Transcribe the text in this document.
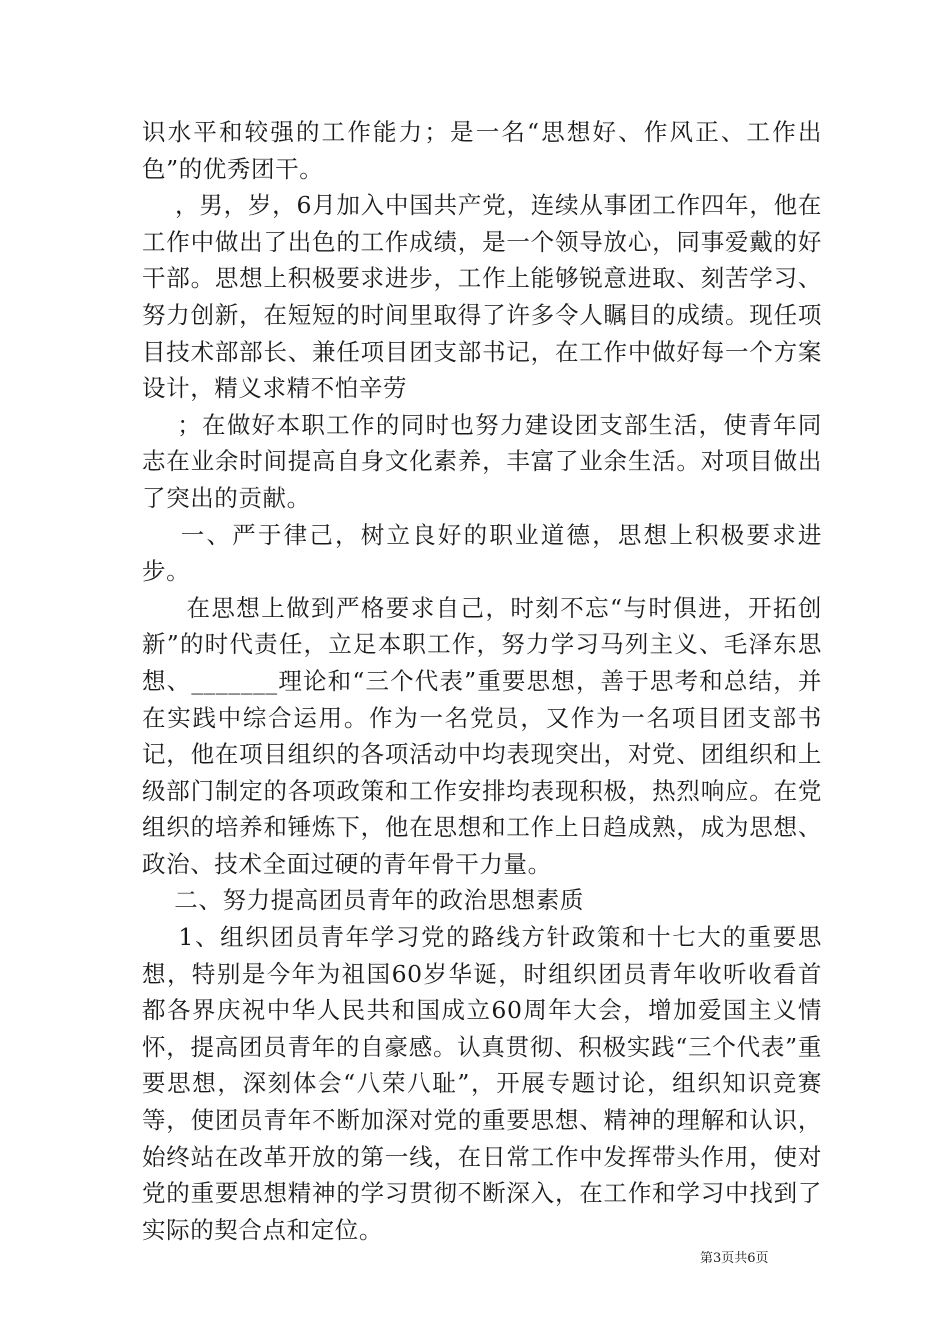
识水平和较强的工作能力；是一名“思想好、作风正、工作出色”的优秀团干。

，男，岁，6月加入中国共产党，连续从事团工作四年，他在工作中做出了出色的工作成绩，是一个领导放心，同事爱戴的好干部。思想上积极要求进步，工作上能够锐意进取、刻苦学习、努力创新，在短短的时间里取得了许多令人瞩目的成绩。现任项目技术部部长、兼任项目团支部书记，在工作中做好每一个方案设计，精义求精不怕辛劳

；在做好本职工作的同时也努力建设团支部生活，使青年同志在业余时间提高自身文化素养，丰富了业余生活。对项目做出了突出的贡献。

一、严于律己，树立良好的职业道德，思想上积极要求进步。

在思想上做到严格要求自己，时刻不忘“与时俱进，开拓创新”的时代责任，立足本职工作，努力学习马列主义、毛泽东思想、_______理论和“三个代表”重要思想，善于思考和总结，并在实践中综合运用。作为一名党员，又作为一名项目团支部书记，他在项目组织的各项活动中均表现突出，对党、团组织和上级部门制定的各项政策和工作安排均表现积极，热烈响应。在党组织的培养和锤炼下，他在思想和工作上日趋成熟，成为思想、政治、技术全面过硬的青年骨干力量。

二、努力提高团员青年的政治思想素质

1、组织团员青年学习党的路线方针政策和十七大的重要思想，特别是今年为祖国60岁华诞，时组织团员青年收听收看首都各界庆祝中华人民共和国成立60周年大会，增加爱国主义情怀，提高团员青年的自豪感。认真贯彻、积极实践“三个代表”重要思想，深刻体会“八荣八耻”，开展专题讨论，组织知识竞赛等，使团员青年不断加深对党的重要思想、精神的理解和认识，始终站在改革开放的第一线，在日常工作中发挥带头作用，使对党的重要思想精神的学习贯彻不断深入，在工作和学习中找到了实际的契合点和定位。

第3页共6页
